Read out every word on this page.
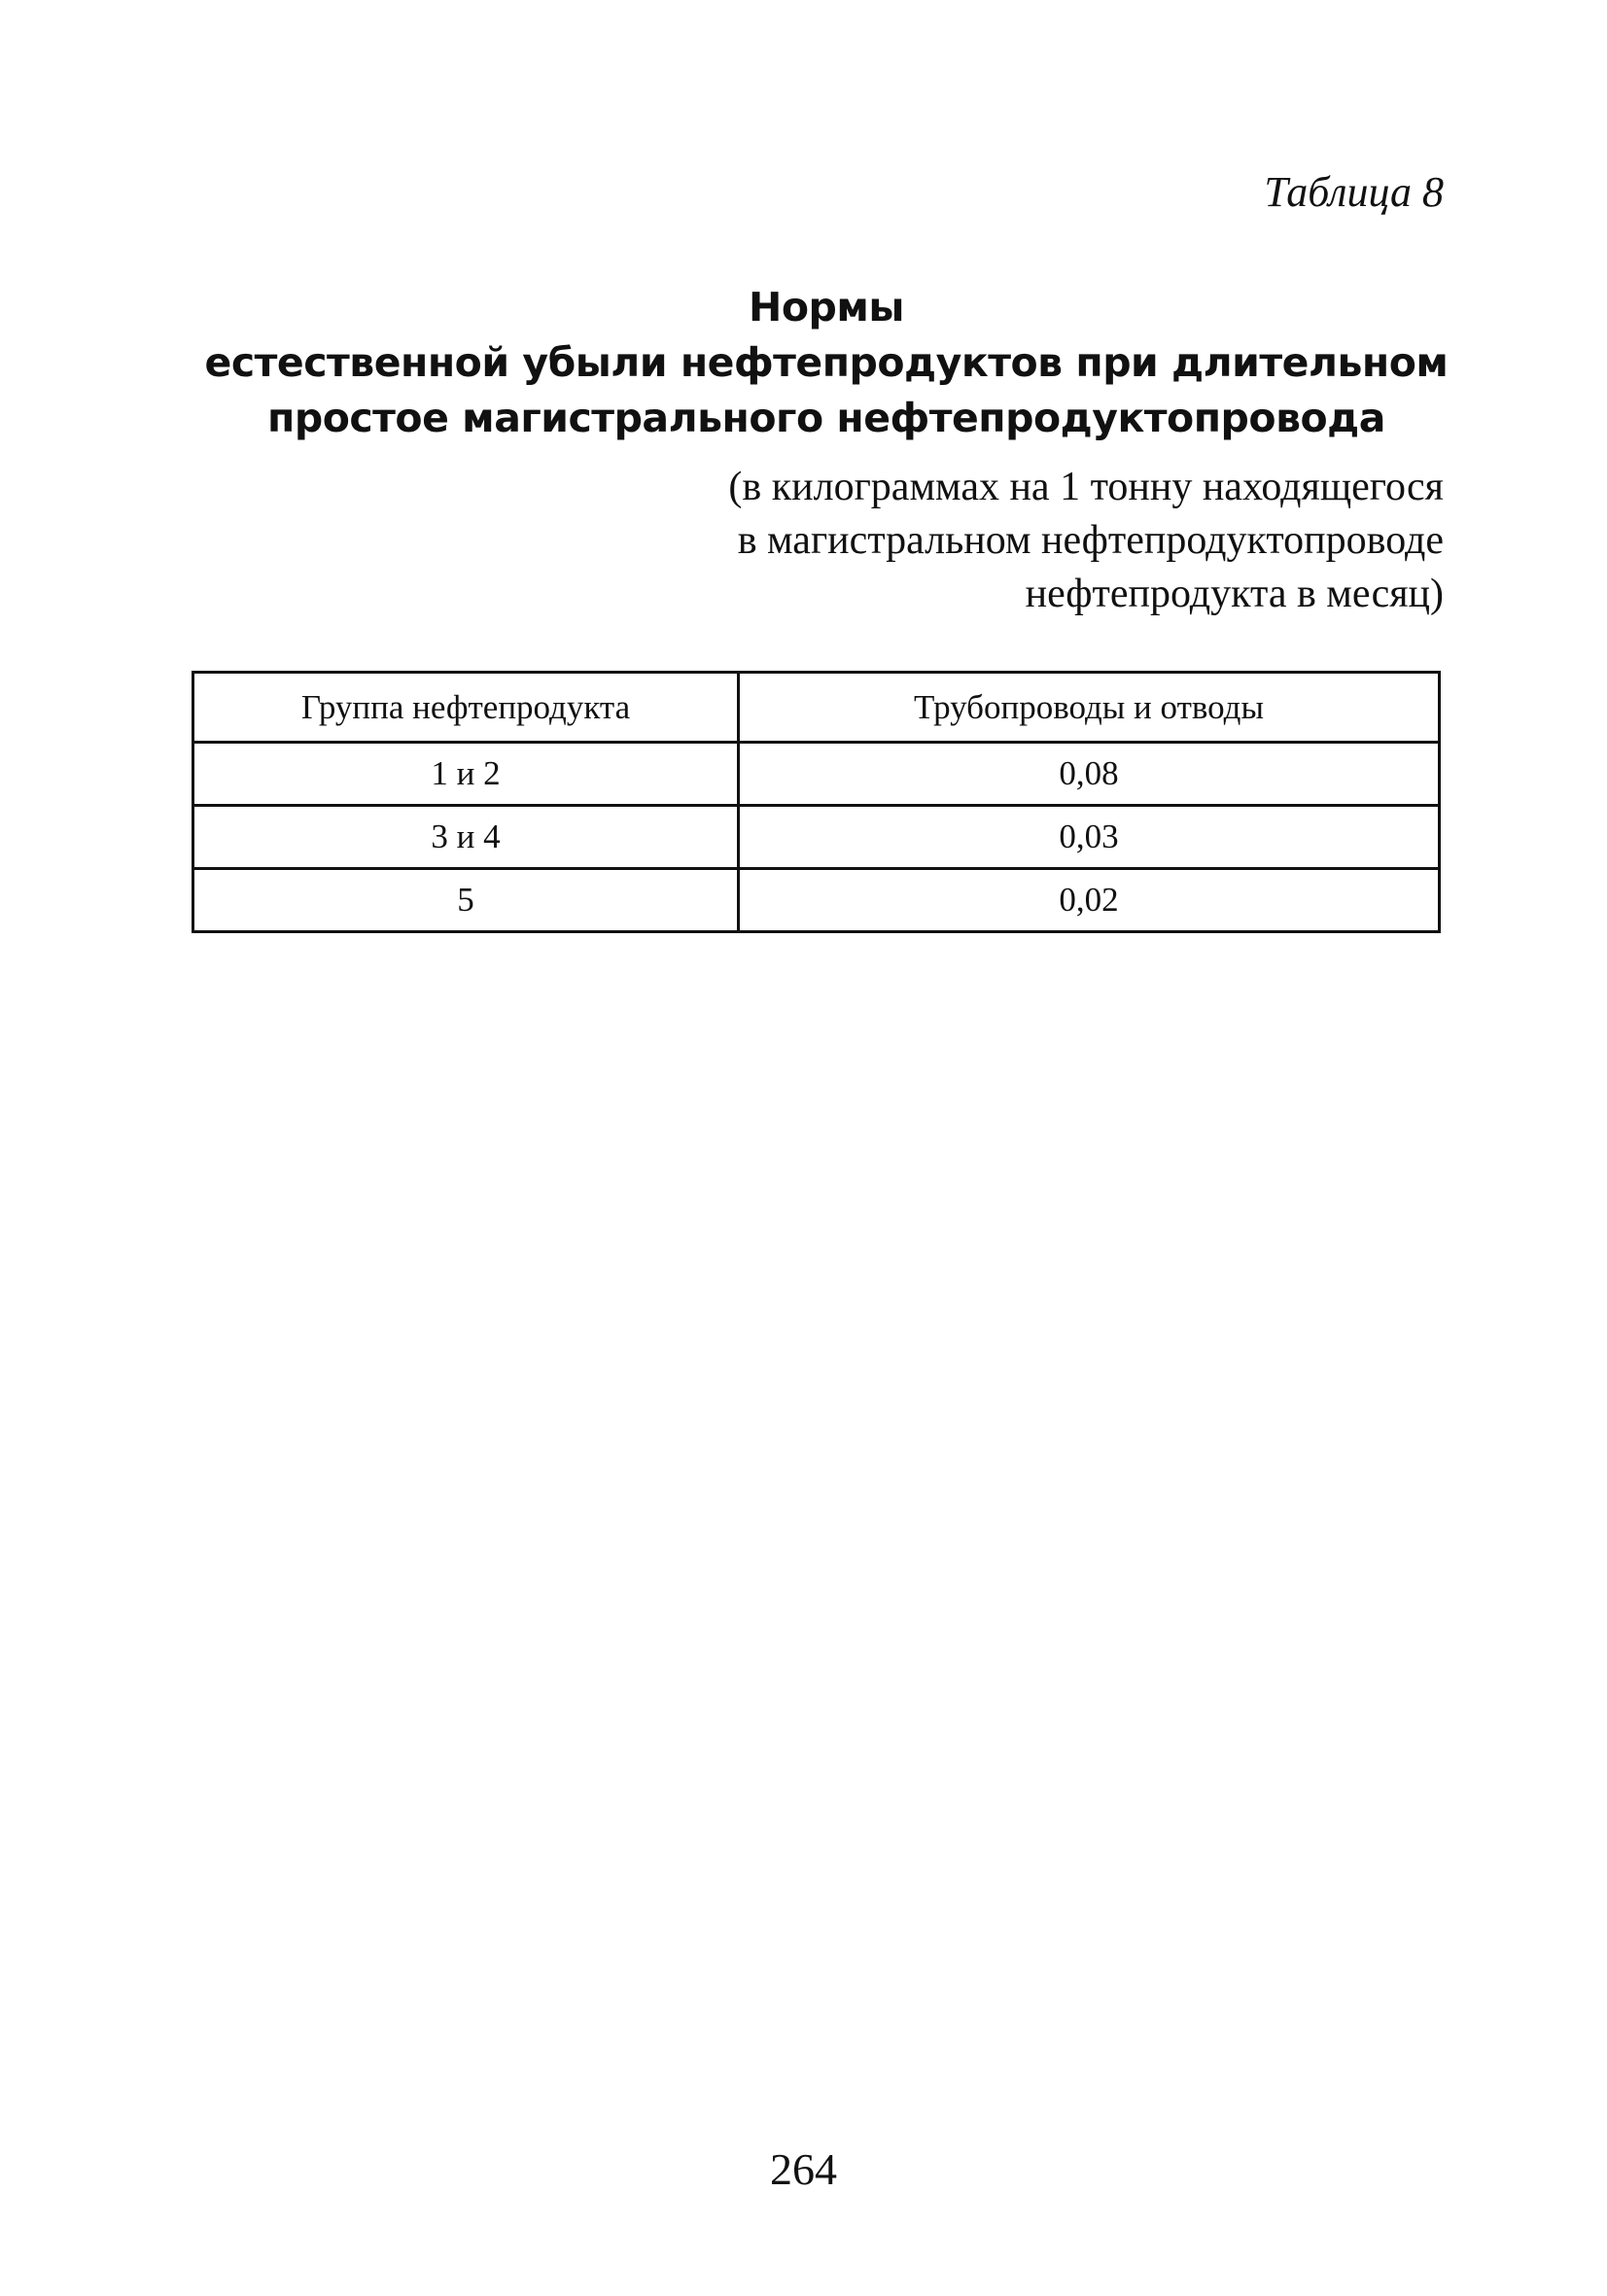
Таблица 8
Нормы
естественной убыли нефтепродуктов при длительном
простое магистрального нефтепродуктопровода
(в килограммах на 1 тонну находящегося
в магистральном нефтепродуктопроводе
нефтепродукта в месяц)
Группа нефтепродукта	Трубопроводы и отводы
1 и 2	0,08
3 и 4	0,03
5	0,02
264
